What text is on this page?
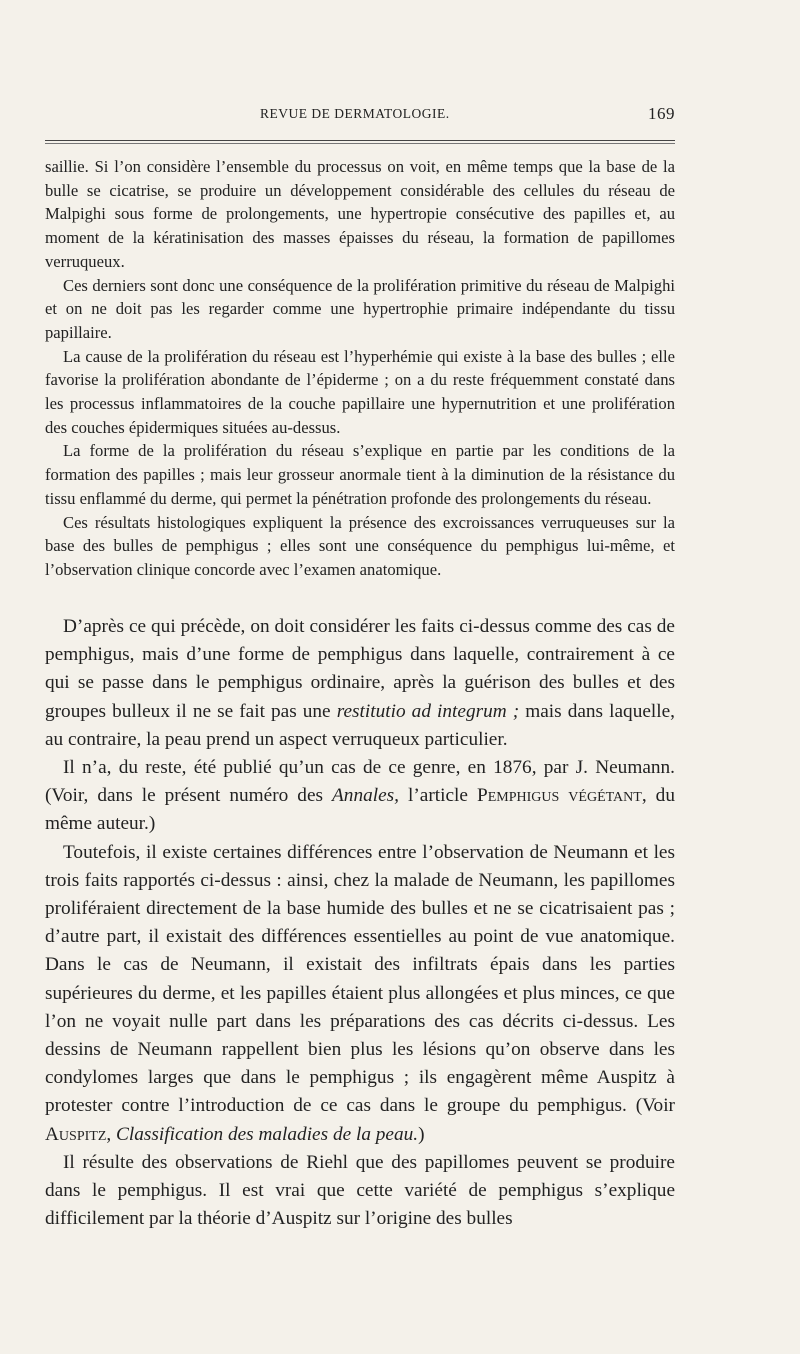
REVUE DE DERMATOLOGIE.	169

saillie. Si l’on considère l’ensemble du processus on voit, en même temps que la base de la bulle se cicatrise, se produire un développement considérable des cellules du réseau de Malpighi sous forme de prolongements, une hypertropie consécutive des papilles et, au moment de la kératinisation des masses épaisses du réseau, la formation de papillomes verruqueux.

Ces derniers sont donc une conséquence de la prolifération primitive du réseau de Malpighi et on ne doit pas les regarder comme une hypertrophie primaire indépendante du tissu papillaire.

La cause de la prolifération du réseau est l’hyperhémie qui existe à la base des bulles ; elle favorise la prolifération abondante de l’épiderme ; on a du reste fréquemment constaté dans les processus inflammatoires de la couche papillaire une hypernutrition et une prolifération des couches épidermiques situées au-dessus.

La forme de la prolifération du réseau s’explique en partie par les conditions de la formation des papilles ; mais leur grosseur anormale tient à la diminution de la résistance du tissu enflammé du derme, qui permet la pénétration profonde des prolongements du réseau.

Ces résultats histologiques expliquent la présence des excroissances verruqueuses sur la base des bulles de pemphigus ; elles sont une conséquence du pemphigus lui-même, et l’observation clinique concorde avec l’examen anatomique.

D’après ce qui précède, on doit considérer les faits ci-dessus comme des cas de pemphigus, mais d’une forme de pemphigus dans laquelle, contrairement à ce qui se passe dans le pemphigus ordinaire, après la guérison des bulles et des groupes bulleux il ne se fait pas une restitutio ad integrum ; mais dans laquelle, au contraire, la peau prend un aspect verruqueux particulier.

Il n’a, du reste, été publié qu’un cas de ce genre, en 1876, par J. Neumann. (Voir, dans le présent numéro des Annales, l’article Pemphigus végétant, du même auteur.)

Toutefois, il existe certaines différences entre l’observation de Neumann et les trois faits rapportés ci-dessus : ainsi, chez la malade de Neumann, les papillomes proliféraient directement de la base humide des bulles et ne se cicatrisaient pas ; d’autre part, il existait des différences essentielles au point de vue anatomique. Dans le cas de Neumann, il existait des infiltrats épais dans les parties supérieures du derme, et les papilles étaient plus allongées et plus minces, ce que l’on ne voyait nulle part dans les préparations des cas décrits ci-dessus. Les dessins de Neumann rappellent bien plus les lésions qu’on observe dans les condylomes larges que dans le pemphigus ; ils engagèrent même Auspitz à protester contre l’introduction de ce cas dans le groupe du pemphigus. (Voir Auspitz, Classification des maladies de la peau.)

Il résulte des observations de Riehl que des papillomes peuvent se produire dans le pemphigus. Il est vrai que cette variété de pemphigus s’explique difficilement par la théorie d’Auspitz sur l’origine des bulles
